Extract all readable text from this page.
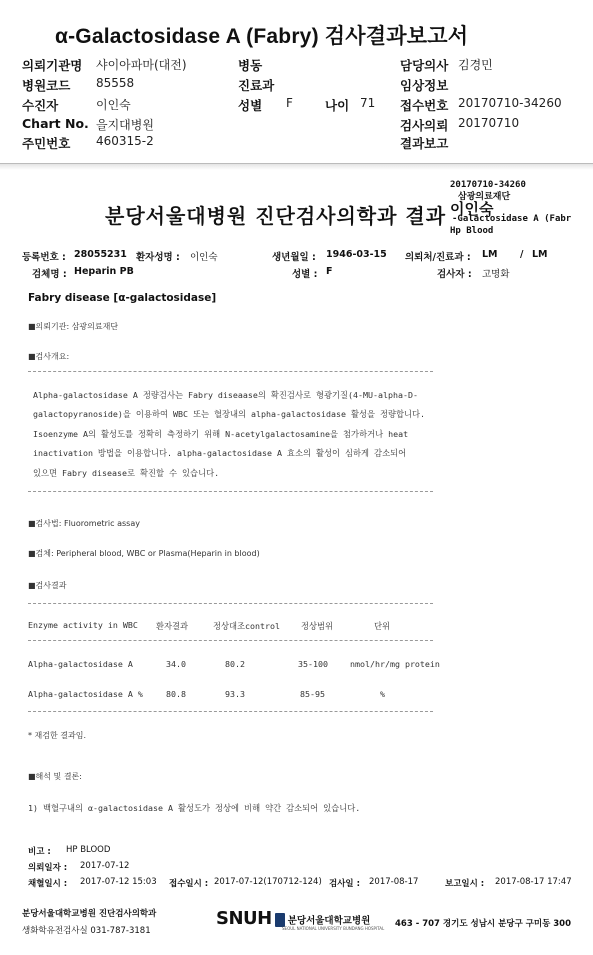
α-Galactosidase A (Fabry) 검사결과보고서
의뢰기관명 샤이아파마(대전)	병동	담당의사 김경민
병원코드 85558	진료과	임상정보
수진자	이인숙	성별 F	나이 71 접수번호 20170710-34260
Chart No. 을지대병원	검사의뢰 20170710
주민번호 460315-2	결과보고
20170710-34260
삼광의료재단
이인숙
-Galactosidase A (Fabr
Hp Blood
분당서울대병원 진단검사의학과 결과
등록번호 : 28055231 환자성명 : 이인숙	생년월일 : 1946-03-15 의뢰처/진료과 : LM / LM
검체명 : Heparin PB	성별 : F	검사자 : 고명화
Fabry disease [α-galactosidase]
■의뢰기관: 삼광의료재단
■검사개요:
Alpha-galactosidase A 정량검사는 Fabry diseaase의 확진검사로 형광기질(4-MU-alpha-D-
galactopyranoside)을 이용하여 WBC 또는 혈장내의 alpha-galactosidase 활성을 정량합니다.
Isoenzyme A의 활성도를 정확히 측정하기 위해 N-acetylgalactosamine을 첨가하거나 heat
inactivation 방법을 이용합니다. alpha-galactosidase A 효소의 활성이 심하게 감소되어
있으면 Fabry disease로 확진할 수 있습니다.
■검사법: Fluorometric assay
■검체: Peripheral blood, WBC or Plasma(Heparin in blood)
■검사결과
Enzyme activity in WBC 환자결과	정상대조control	정상범위	단위
Alpha-galactosidase A	34.0	80.2	35-100	nmol/hr/mg protein
Alpha-galactosidase A %	80.8	93.3	85-95	%
* 재검한 결과임.
■해석 및 결론:
1) 백혈구내의 α-galactosidase A 활성도가 정상에 비해 약간 감소되어 있습니다.
비고 : HP BLOOD
의뢰일자 : 2017-07-12
채혈일시 : 2017-07-12 15:03 접수일시 : 2017-07-12(170712-124) 검사일 : 2017-08-17	보고일시 : 2017-08-17 17:47
분당서울대학교병원 진단검사의학과
생화학유전검사실 031-787-3181
SNUH 분당서울대학교병원
SEOUL NATIONAL UNIVERSITY BUNDANG HOSPITAL 463 - 707 경기도 성남시 분당구 구미동 300
